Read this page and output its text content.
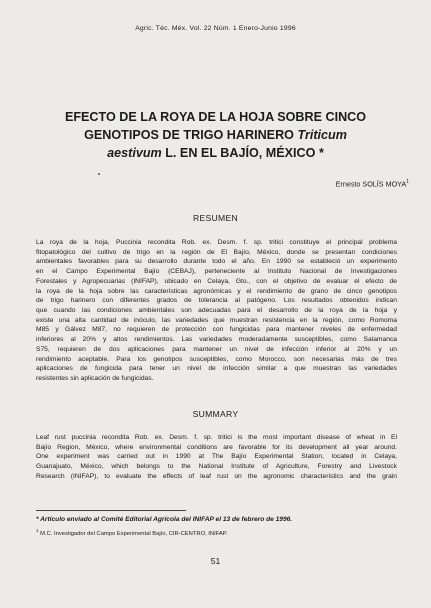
Agric. Téc. Méx. Vol. 22 Núm. 1 Enero-Junio 1996
EFECTO DE LA ROYA DE LA HOJA SOBRE CINCO
GENOTIPOS DE TRIGO HARINERO Triticum
aestivum L. EN EL BAJÍO, MÉXICO *
Ernesto SOLÍS MOYA$^1$
RESUMEN
La roya de la hoja, Puccinia recondita Rob. ex. Desm. f. sp. tritici constituye el principal problema
fitopatológico del cultivo de trigo en la región de El Bajío, México, donde se presentan condiciones
ambientales favorables para su desarrollo durante todo el año. En 1990 se estableció un experimento
en el Campo Experimental Bajío (CEBAJ), perteneciente al Instituto Nacional de Investigaciones
Forestales y Agropecuarias (INIFAP), ubicado en Celaya, Gto., con el objetivo de evaluar el efecto de
la roya de la hoja sobre las características agronómicas y el rendimiento de grano de cinco genotipos
de trigo harinero con diferentes grados de tolerancia al patógeno. Los resultados obtenidos indican
que cuando las condiciones ambientales son adecuadas para el desarrollo de la roya de la hoja y
existe una alta cantidad de inóculo, las variedades que muestran resistencia en la región, como Romoma
M85 y Gálvez M87, no requieren de protección con fungicidas para mantener niveles de enfermedad
inferiores al 20% y altos rendimientos. Las variedades moderadamente susceptibles, como Salamanca
S75, requieren de dos aplicaciones para mantener un nivel de infección inferior al 20% y un
rendimiento aceptable. Para los genotipos susceptibles, como Morocco, son necesarias más de tres
aplicaciones de fungicida para tener un nivel de infección similar a que muestran las variedades
resistentes sin aplicación de fungicidas.
SUMMARY
Leaf rust puccinia recondita Rob. ex. Desm. f. sp. tritici is the most important disease of wheat in El
Bajío Region, México, where environmental conditions are favorable for its development all year around.
One experiment was carried out in 1990 at The Bajío Experimental Station, located in Celaya,
Guanajuato, México, which belongs to the National Institute of Agriculture, Forestry and Livestock
Research (INIFAP), to evaluate the effects of leaf rust on the agronomic characteristics and the grain
* Artículo enviado al Comité Editorial Agrícola del INIFAP el 13 de febrero de 1996.
$^1$ M.C. Investigador del Campo Experimental Bajío, CIR-CENTRO, INIFAP.
51
